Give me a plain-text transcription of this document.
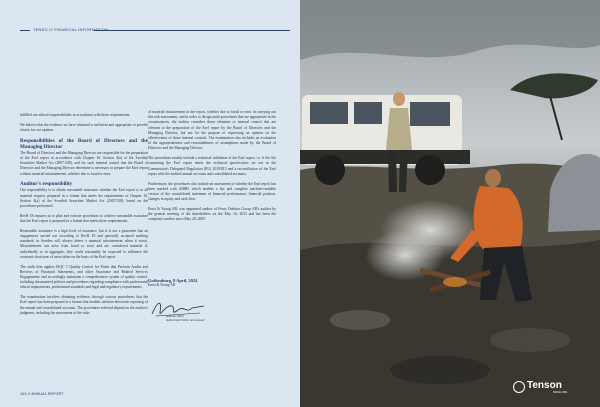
TENSO /// FINANCIAL INFORMATION

fulfilled our ethical responsibilities in accordance with these requirements.

We believe that the evidence we have obtained is sufficient and appropriate to provide a basis for our opinion.

Responsibilities of the Board of Directors and the Managing Director

The Board of Directors and the Managing Director are responsible for the preparation of the Esef report in accordance with Chapter 16, Section 4(a) of the Swedish Securities Market Act (2007:528), and for such internal control that the Board of Directors and the Managing Director determine is necessary to prepare the Esef report without material misstatements, whether due to fraud or error.

Auditor's responsibility

Our responsibility is to obtain reasonable assurance whether the Esef report is in all material respects prepared in a format that meets the requirements of Chapter 16, Section 4(a) of the Swedish Securities Market Act (2007:528), based on the procedures performed.

RevR 18 requires us to plan and execute procedures to achieve reasonable assurance that the Esef report is prepared in a format that meets these requirements.

Reasonable assurance is a high level of assurance, but it is not a guarantee that an engagement carried out according to RevR 18 and generally accepted auditing standards in Sweden will always detect a material misstatement when it exists. Misstatements can arise from fraud or error and are considered material if, individually or in aggregate, they could reasonably be expected to influence the economic decisions of users taken on the basis of the Esef report.

The audit firm applies ISQC 1 Quality Control for Firms that Perform Audits and Reviews of Financial Statements, and other Assurance and Related Services Engagements and accordingly maintains a comprehensive system of quality control, including documented policies and procedures regarding compliance with professional ethical requirements, professional standards and legal and regulatory requirements.

The examination involves obtaining evidence, through various procedures, that the Esef report has been prepared in a format that enables uniform electronic reporting of the annual and consolidated accounts. The procedures selected depend on the auditor's judgment, including the assessment of the risks

of material misstatement in the report, whether due to fraud or error. In carrying out this risk assessment, and in order to design audit procedures that are appropriate in the circumstances, the auditor considers those elements of internal control that are relevant to the preparation of the Esef report by the Board of Directors and the Managing Director, but not for the purpose of expressing an opinion on the effectiveness of those internal controls. The examination also includes an evaluation of the appropriateness and reasonableness of assumptions made by the Board of Directors and the Managing Director.

The procedures mainly include a technical validation of the Esef report, i.e. if the file containing the Esef report meets the technical specification set out in the Commission's Delegated Regulation (EU) 2019/815 and a reconciliation of the Esef report with the audited annual accounts and consolidated accounts.

Furthermore, the procedures also include an assessment of whether the Esef report has been marked with iXBRL which enables a fair and complete machine-readable version of the consolidated statement of financial performance, financial position, changes in equity and cash flow.

Ernst & Young AB, was appointed auditor of Fenix Outdoor Group AB's auditor by the general meeting of the shareholders on the May 16, 2023 and has been the company's auditor since May 20, 2005.

Gothenburg, 8 April, 2024
Ernst & Young AB
Andreas Mast
Authorized Public Accountant
104 /// ANNUAL REPORT
Tenson
SINCE 1951
